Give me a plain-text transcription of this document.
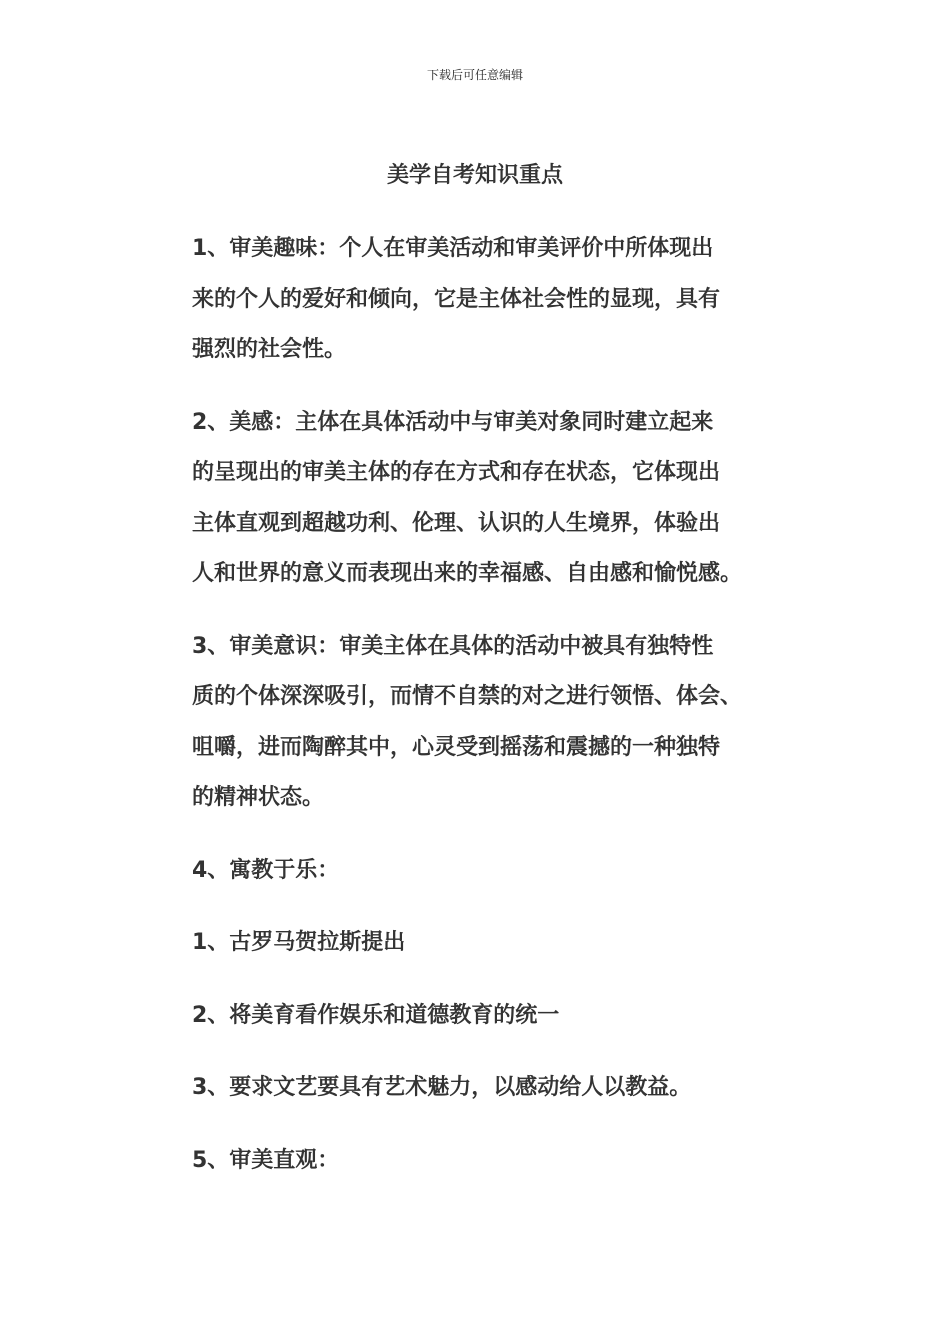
下载后可任意编辑
美学自考知识重点

1、审美趣味：个人在审美活动和审美评价中所体现出
来的个人的爱好和倾向，它是主体社会性的显现，具有
强烈的社会性。

2、美感：主体在具体活动中与审美对象同时建立起来
的呈现出的审美主体的存在方式和存在状态，它体现出
主体直观到超越功利、伦理、认识的人生境界，体验出
人和世界的意义而表现出来的幸福感、自由感和愉悦感。

3、审美意识：审美主体在具体的活动中被具有独特性
质的个体深深吸引，而情不自禁的对之进行领悟、体会、
咀嚼，进而陶醉其中，心灵受到摇荡和震撼的一种独特
的精神状态。

4、寓教于乐：

1、古罗马贺拉斯提出

2、将美育看作娱乐和道德教育的统一

3、要求文艺要具有艺术魅力，以感动给人以教益。

5、审美直观：
